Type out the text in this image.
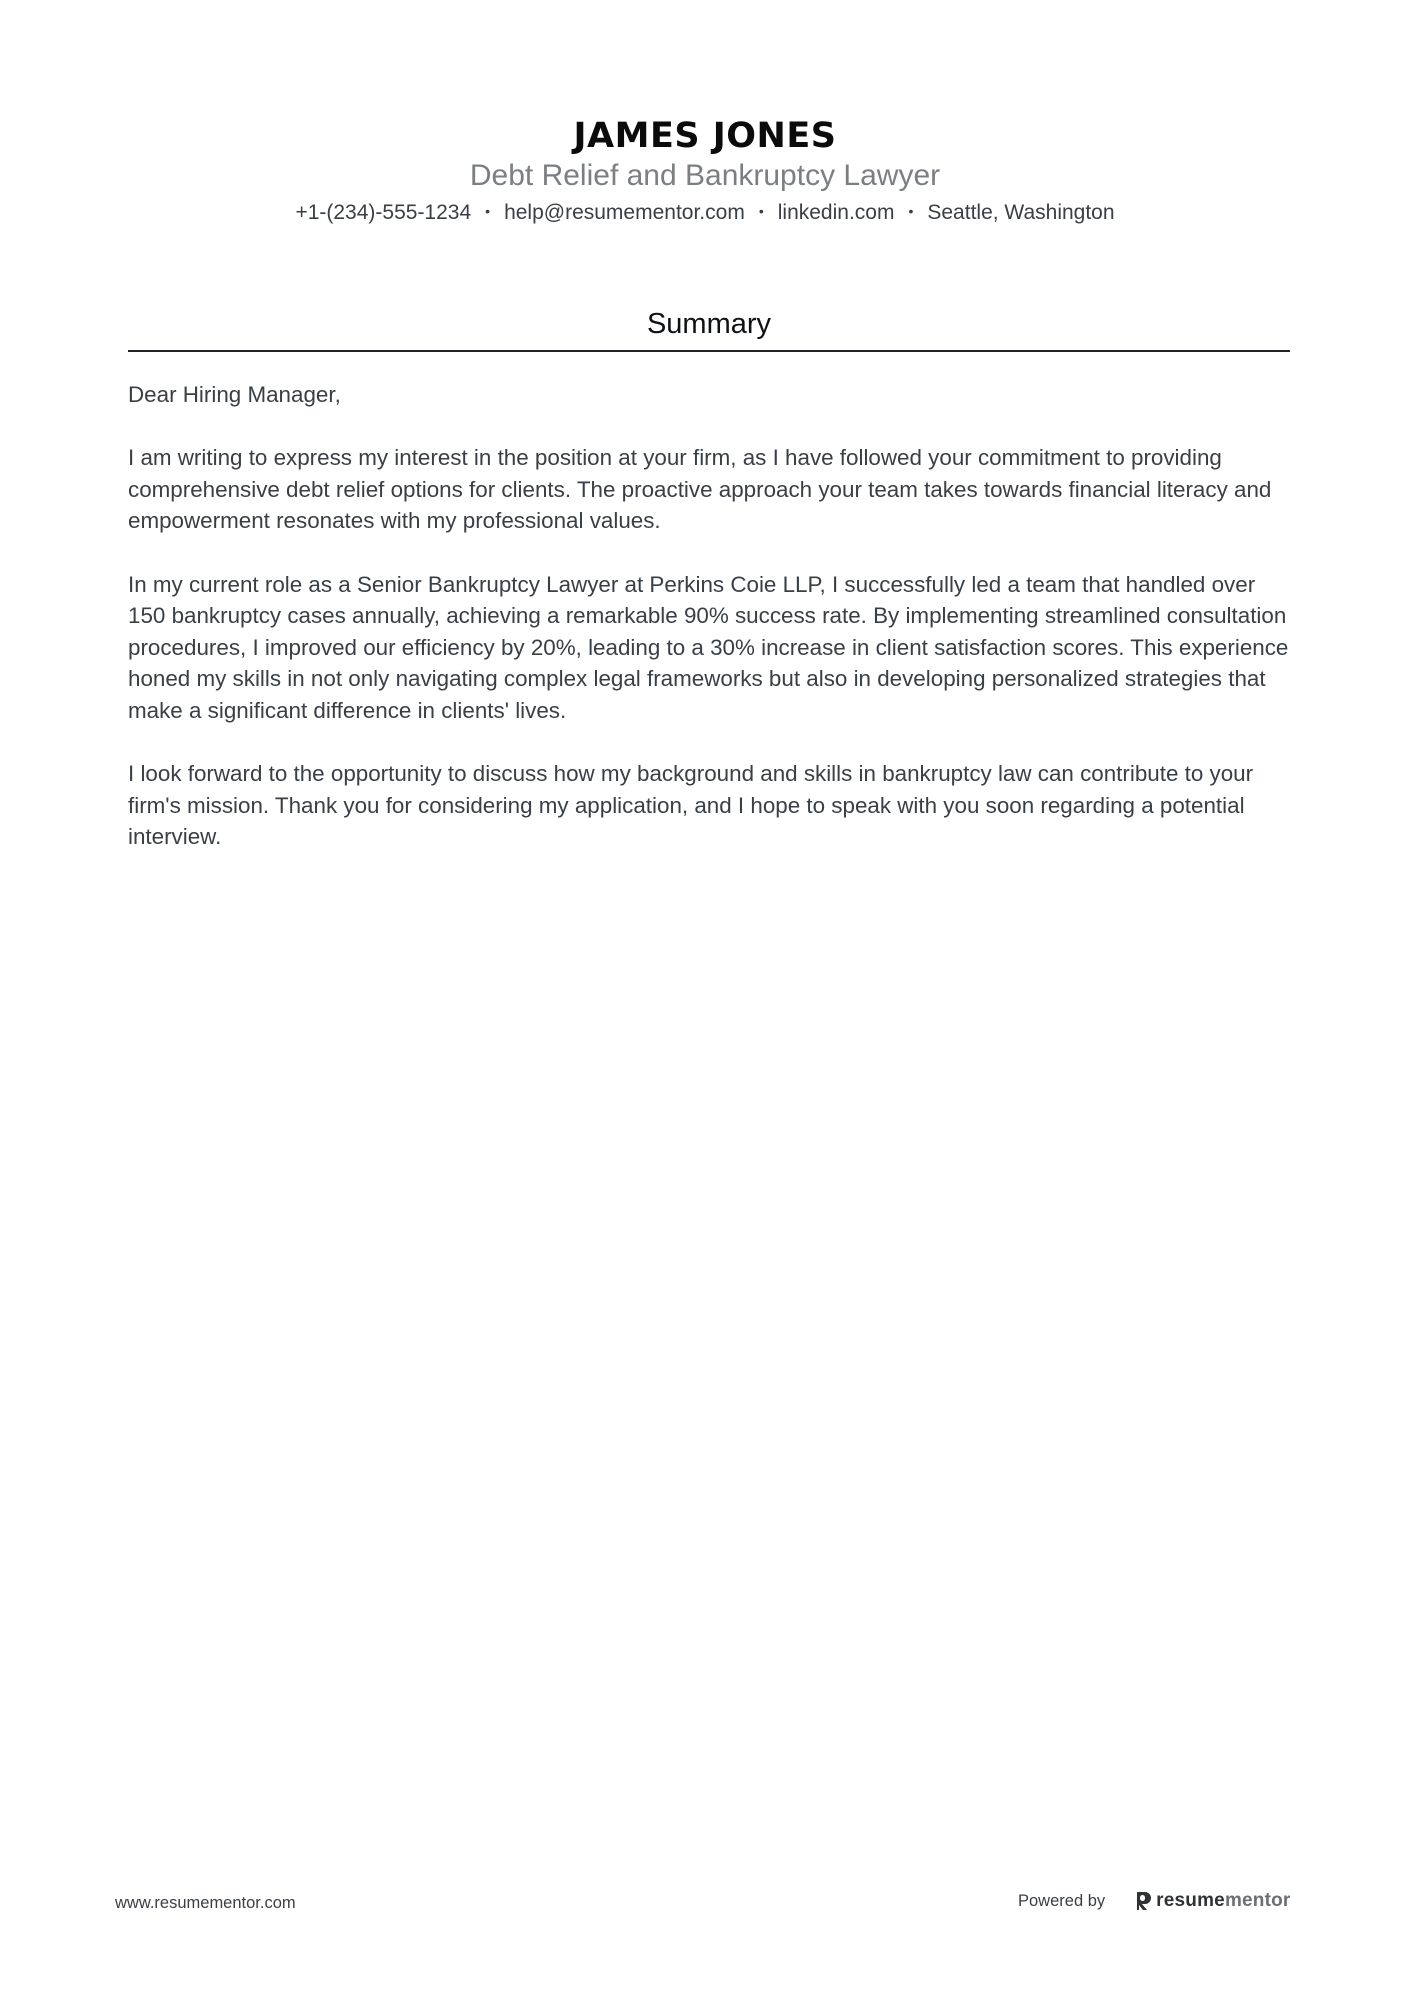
JAMES JONES
Debt Relief and Bankruptcy Lawyer
+1-(234)-555-1234 • help@resumementor.com • linkedin.com • Seattle, Washington
Summary

Dear Hiring Manager,

I am writing to express my interest in the position at your firm, as I have followed your commitment to providing comprehensive debt relief options for clients. The proactive approach your team takes towards financial literacy and empowerment resonates with my professional values.

In my current role as a Senior Bankruptcy Lawyer at Perkins Coie LLP, I successfully led a team that handled over 150 bankruptcy cases annually, achieving a remarkable 90% success rate. By implementing streamlined consultation procedures, I improved our efficiency by 20%, leading to a 30% increase in client satisfaction scores. This experience honed my skills in not only navigating complex legal frameworks but also in developing personalized strategies that make a significant difference in clients' lives.

I look forward to the opportunity to discuss how my background and skills in bankruptcy law can contribute to your firm's mission. Thank you for considering my application, and I hope to speak with you soon regarding a potential interview.

www.resumementor.com	Powered by	resumementor
